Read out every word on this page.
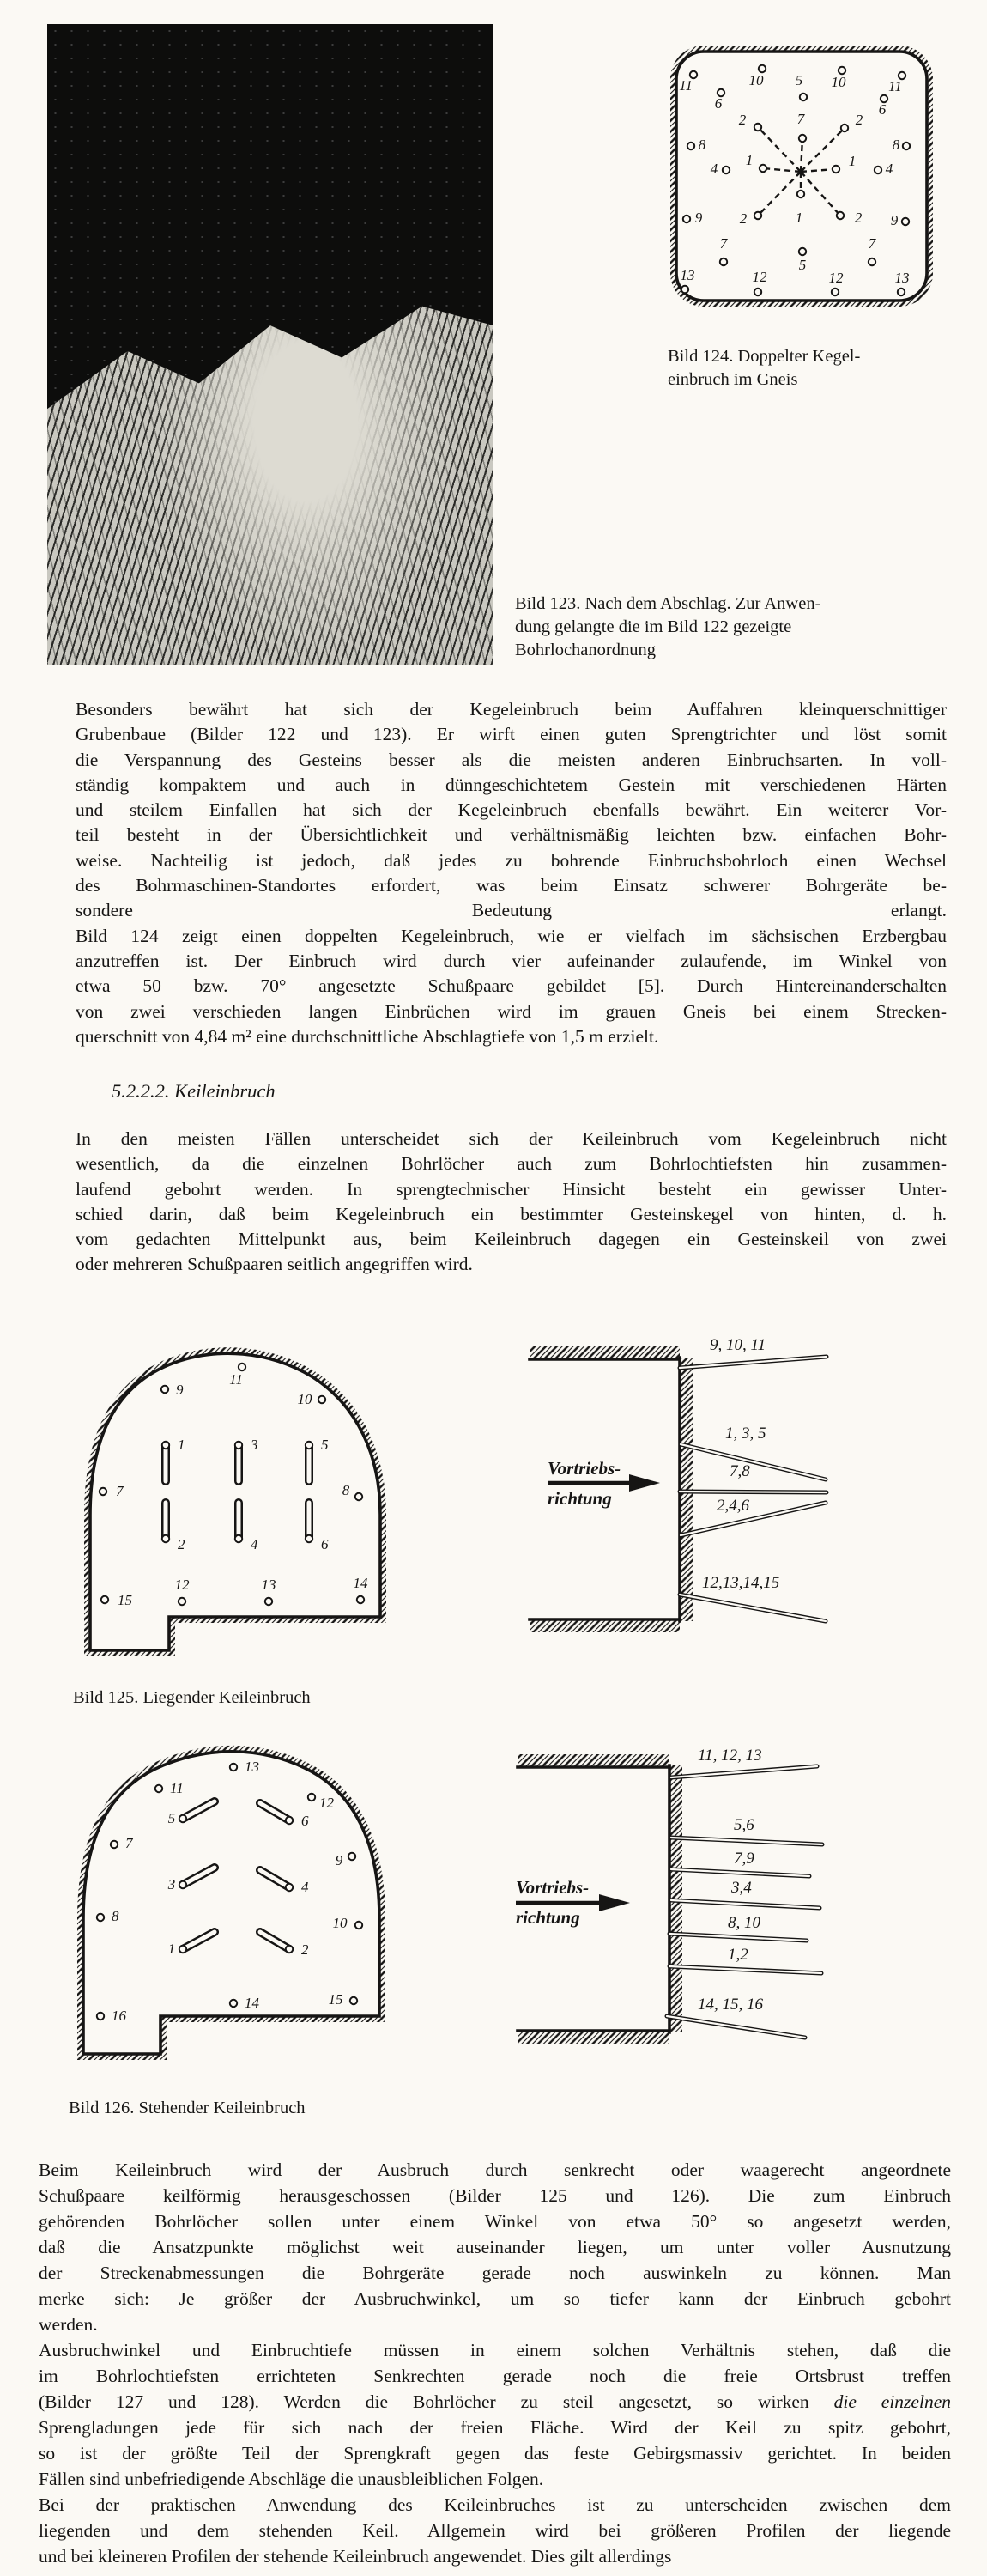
11	10 5 10	11
6	6
2	7	2
8	8
4
1	1 4
9	2	2 9
1
7
5
7
13	12	12	13
Bild 124. Doppelter Kegel-
einbruch im Gneis
Bild 123. Nach dem Abschlag. Zur Anwen-
dung gelangte die im Bild 122 gezeigte
Bohrlochanordnung
Besonders bewährt hat sich der Kegeleinbruch beim Auffahren kleinquerschnittiger
Grubenbaue (Bilder 122 und 123). Er wirft einen guten Sprengtrichter und löst somit
die Verspannung des Gesteins besser als die meisten anderen Einbruchsarten. In voll-
ständig kompaktem und auch in dünngeschichtetem Gestein mit verschiedenen Härten
und steilem Einfallen hat sich der Kegeleinbruch ebenfalls bewährt. Ein weiterer Vor-
teil besteht in der Übersichtlichkeit und verhältnismäßig leichten bzw. einfachen Bohr-
weise. Nachteilig ist jedoch, daß jedes zu bohrende Einbruchsbohrloch einen Wechsel
des Bohrmaschinen-Standortes erfordert, was beim Einsatz schwerer Bohrgeräte be-
sondere Bedeutung erlangt.
Bild 124 zeigt einen doppelten Kegeleinbruch, wie er vielfach im sächsischen Erzbergbau
anzutreffen ist. Der Einbruch wird durch vier aufeinander zulaufende, im Winkel von
etwa 50 bzw. 70° angesetzte Schußpaare gebildet [5]. Durch Hintereinanderschalten
von zwei verschieden langen Einbrüchen wird im grauen Gneis bei einem Strecken-
querschnitt von 4,84 m² eine durchschnittliche Abschlagtiefe von 1,5 m erzielt.
5.2.2.2. Keileinbruch
In den meisten Fällen unterscheidet sich der Keileinbruch vom Kegeleinbruch nicht
wesentlich, da die einzelnen Bohrlöcher auch zum Bohrlochtiefsten hin zusammen-
laufend gebohrt werden. In sprengtechnischer Hinsicht besteht ein gewisser Unter-
schied darin, daß beim Kegeleinbruch ein bestimmter Gesteinskegel von hinten, d. h.
vom gedachten Mittelpunkt aus, beim Keileinbruch dagegen ein Gesteinskeil von zwei
oder mehreren Schußpaaren seitlich angegriffen wird.
11
9
10
1	3	5
7	8
2	4	6
15
12	13	14
Vortriebs-
richtung
9, 10, 11
1, 3, 5
7,8
2,4,6
12,13,14,15
Bild 125. Liegender Keileinbruch
13
11
12
5	6
7
9
3	4
8	10
1	2
16
14	15
Vortriebs-
richtung
11, 12, 13
5,6
7,9
3,4
8, 10
1,2
14, 15, 16
Bild 126. Stehender Keileinbruch
Beim Keileinbruch wird der Ausbruch durch senkrecht oder waagerecht angeordnete
Schußpaare keilförmig herausgeschossen (Bilder 125 und 126). Die zum Einbruch
gehörenden Bohrlöcher sollen unter einem Winkel von etwa 50° so angesetzt werden,
daß die Ansatzpunkte möglichst weit auseinander liegen, um unter voller Ausnutzung
der Streckenabmessungen die Bohrgeräte gerade noch auswinkeln zu können. Man
merke sich: Je größer der Ausbruchwinkel, um so tiefer kann der Einbruch gebohrt
werden.
Ausbruchwinkel und Einbruchtiefe müssen in einem solchen Verhältnis stehen, daß die
im Bohrlochtiefsten errichteten Senkrechten gerade noch die freie Ortsbrust treffen
(Bilder 127 und 128). Werden die Bohrlöcher zu steil angesetzt, so wirken die einzelnen
Sprengladungen jede für sich nach der freien Fläche. Wird der Keil zu spitz gebohrt,
so ist der größte Teil der Sprengkraft gegen das feste Gebirgsmassiv gerichtet. In beiden
Fällen sind unbefriedigende Abschläge die unausbleiblichen Folgen.
Bei der praktischen Anwendung des Keileinbruches ist zu unterscheiden zwischen dem
liegenden und dem stehenden Keil. Allgemein wird bei größeren Profilen der liegende
und bei kleineren Profilen der stehende Keileinbruch angewendet. Dies gilt allerdings
